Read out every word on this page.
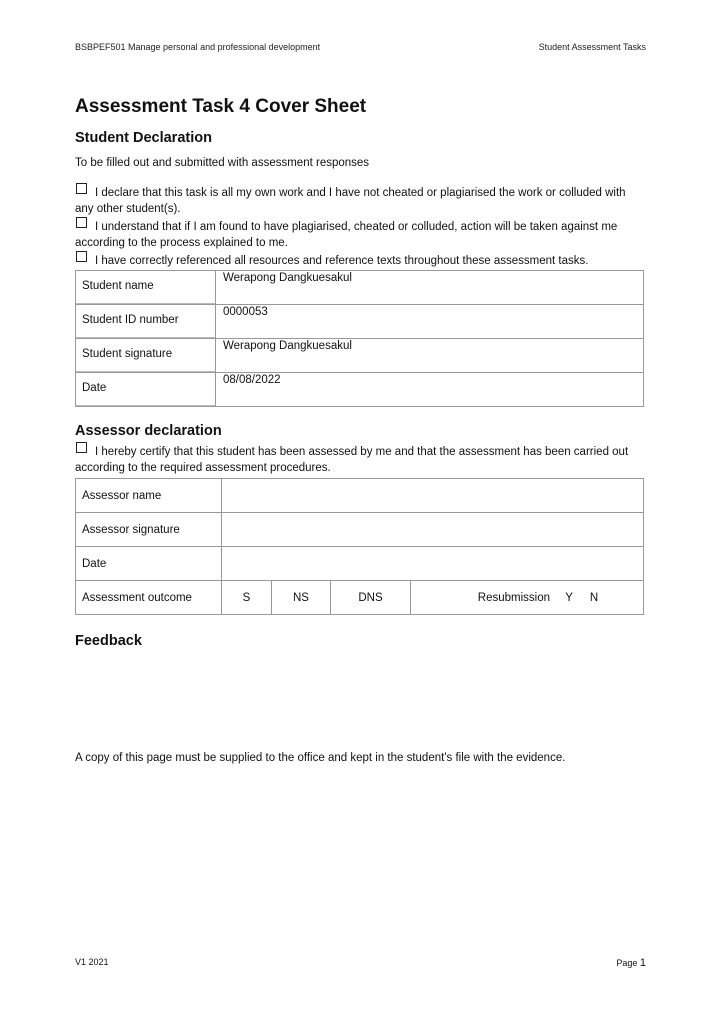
BSBPEF501 Manage personal and professional development	Student Assessment Tasks
Assessment Task 4 Cover Sheet
Student Declaration

To be filled out and submitted with assessment responses

I declare that this task is all my own work and I have not cheated or plagiarised the work or colluded with any other student(s).

I understand that if I am found to have plagiarised, cheated or colluded, action will be taken against me according to the process explained to me.

I have correctly referenced all resources and reference texts throughout these assessment tasks.

Student name	Werapong Dangkuesakul
Student ID number	0000053
Student signature	Werapong Dangkuesakul
Date	08/08/2022
Assessor declaration

I hereby certify that this student has been assessed by me and that the assessment has been carried out according to the required assessment procedures.

Assessor name				
Assessor signature				
Date				
Assessment outcome	S	NS	DNS	Resubmission Y N
Feedback

A copy of this page must be supplied to the office and kept in the student's file with the evidence.

V1 2021	Page 1
